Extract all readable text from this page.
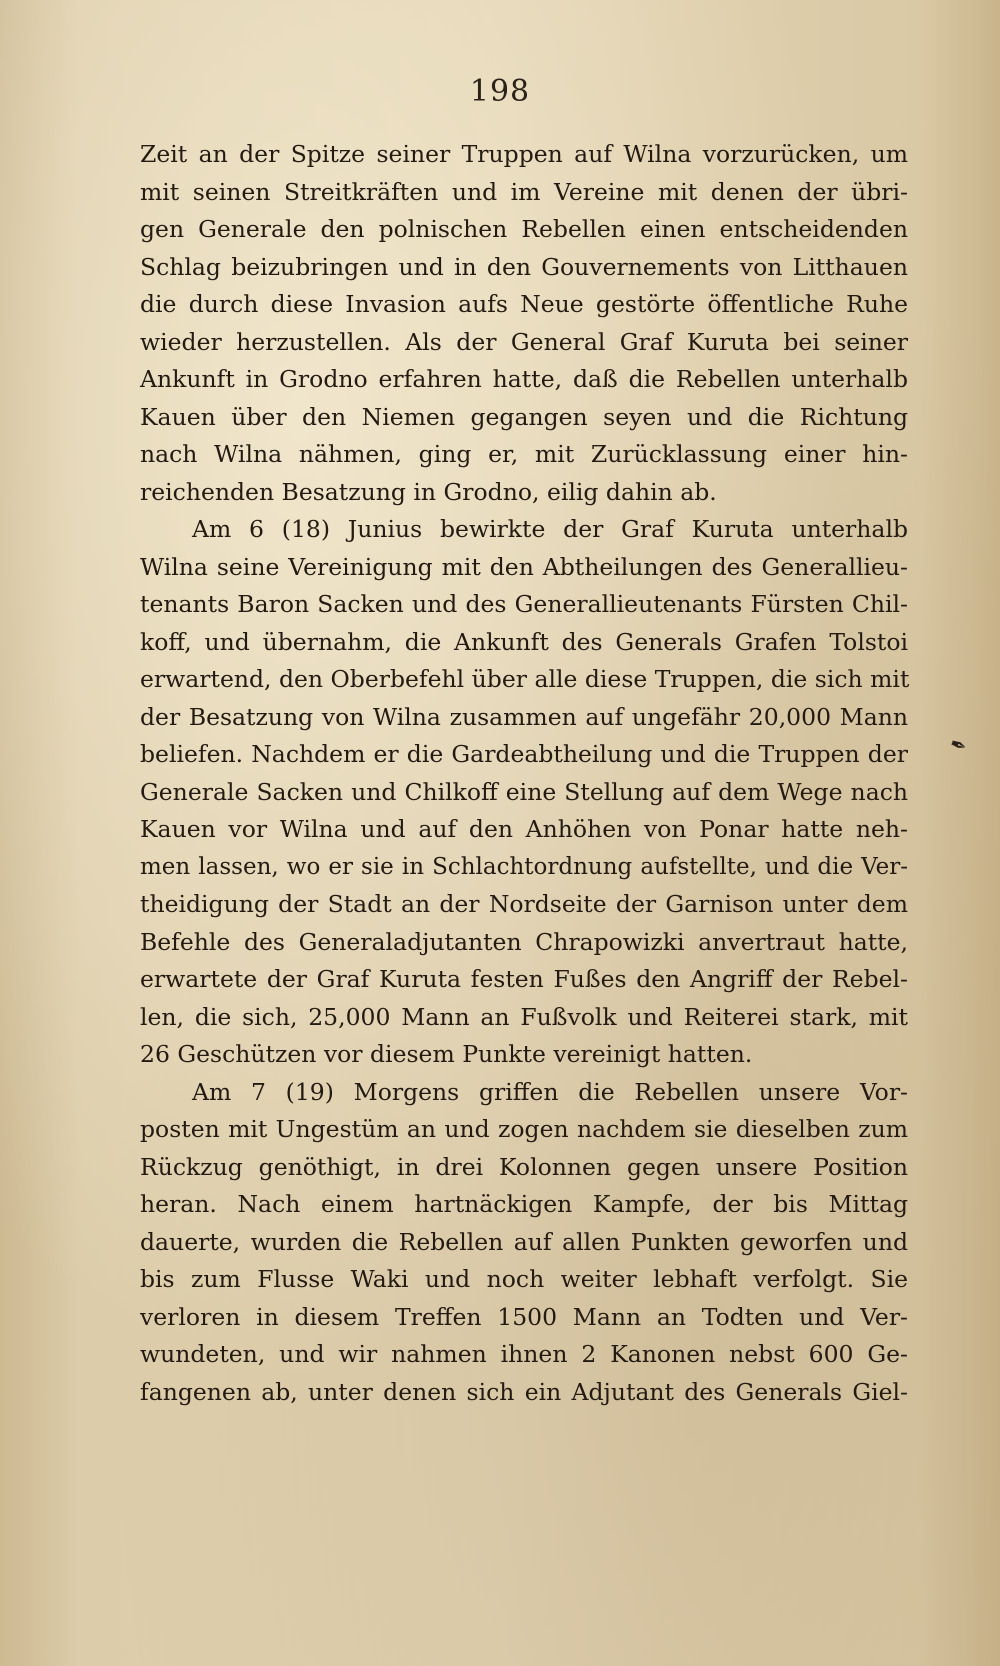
198
Zeit an der Spitze seiner Truppen auf Wilna vorzurücken, um
mit seinen Streitkräften und im Vereine mit denen der übri-
gen Generale den polnischen Rebellen einen entscheidenden
Schlag beizubringen und in den Gouvernements von Litthauen
die durch diese Invasion aufs Neue gestörte öffentliche Ruhe
wieder herzustellen. Als der General Graf Kuruta bei seiner
Ankunft in Grodno erfahren hatte, daß die Rebellen unterhalb
Kauen über den Niemen gegangen seyen und die Richtung
nach Wilna nähmen, ging er, mit Zurücklassung einer hin-
reichenden Besatzung in Grodno, eilig dahin ab.
Am 6 (18) Junius bewirkte der Graf Kuruta unterhalb
Wilna seine Vereinigung mit den Abtheilungen des Generallieu-
tenants Baron Sacken und des Generallieutenants Fürsten Chil-
koff, und übernahm, die Ankunft des Generals Grafen Tolstoi
erwartend, den Oberbefehl über alle diese Truppen, die sich mit
der Besatzung von Wilna zusammen auf ungefähr 20,000 Mann
beliefen. Nachdem er die Gardeabtheilung und die Truppen der
Generale Sacken und Chilkoff eine Stellung auf dem Wege nach
Kauen vor Wilna und auf den Anhöhen von Ponar hatte neh-
men lassen, wo er sie in Schlachtordnung aufstellte, und die Ver-
theidigung der Stadt an der Nordseite der Garnison unter dem
Befehle des Generaladjutanten Chrapowizki anvertraut hatte,
erwartete der Graf Kuruta festen Fußes den Angriff der Rebel-
len, die sich, 25,000 Mann an Fußvolk und Reiterei stark, mit
26 Geschützen vor diesem Punkte vereinigt hatten.
Am 7 (19) Morgens griffen die Rebellen unsere Vor-
posten mit Ungestüm an und zogen nachdem sie dieselben zum
Rückzug genöthigt, in drei Kolonnen gegen unsere Position
heran. Nach einem hartnäckigen Kampfe, der bis Mittag
dauerte, wurden die Rebellen auf allen Punkten geworfen und
bis zum Flusse Waki und noch weiter lebhaft verfolgt. Sie
verloren in diesem Treffen 1500 Mann an Todten und Ver-
wundeten, und wir nahmen ihnen 2 Kanonen nebst 600 Ge-
fangenen ab, unter denen sich ein Adjutant des Generals Giel-
✒
